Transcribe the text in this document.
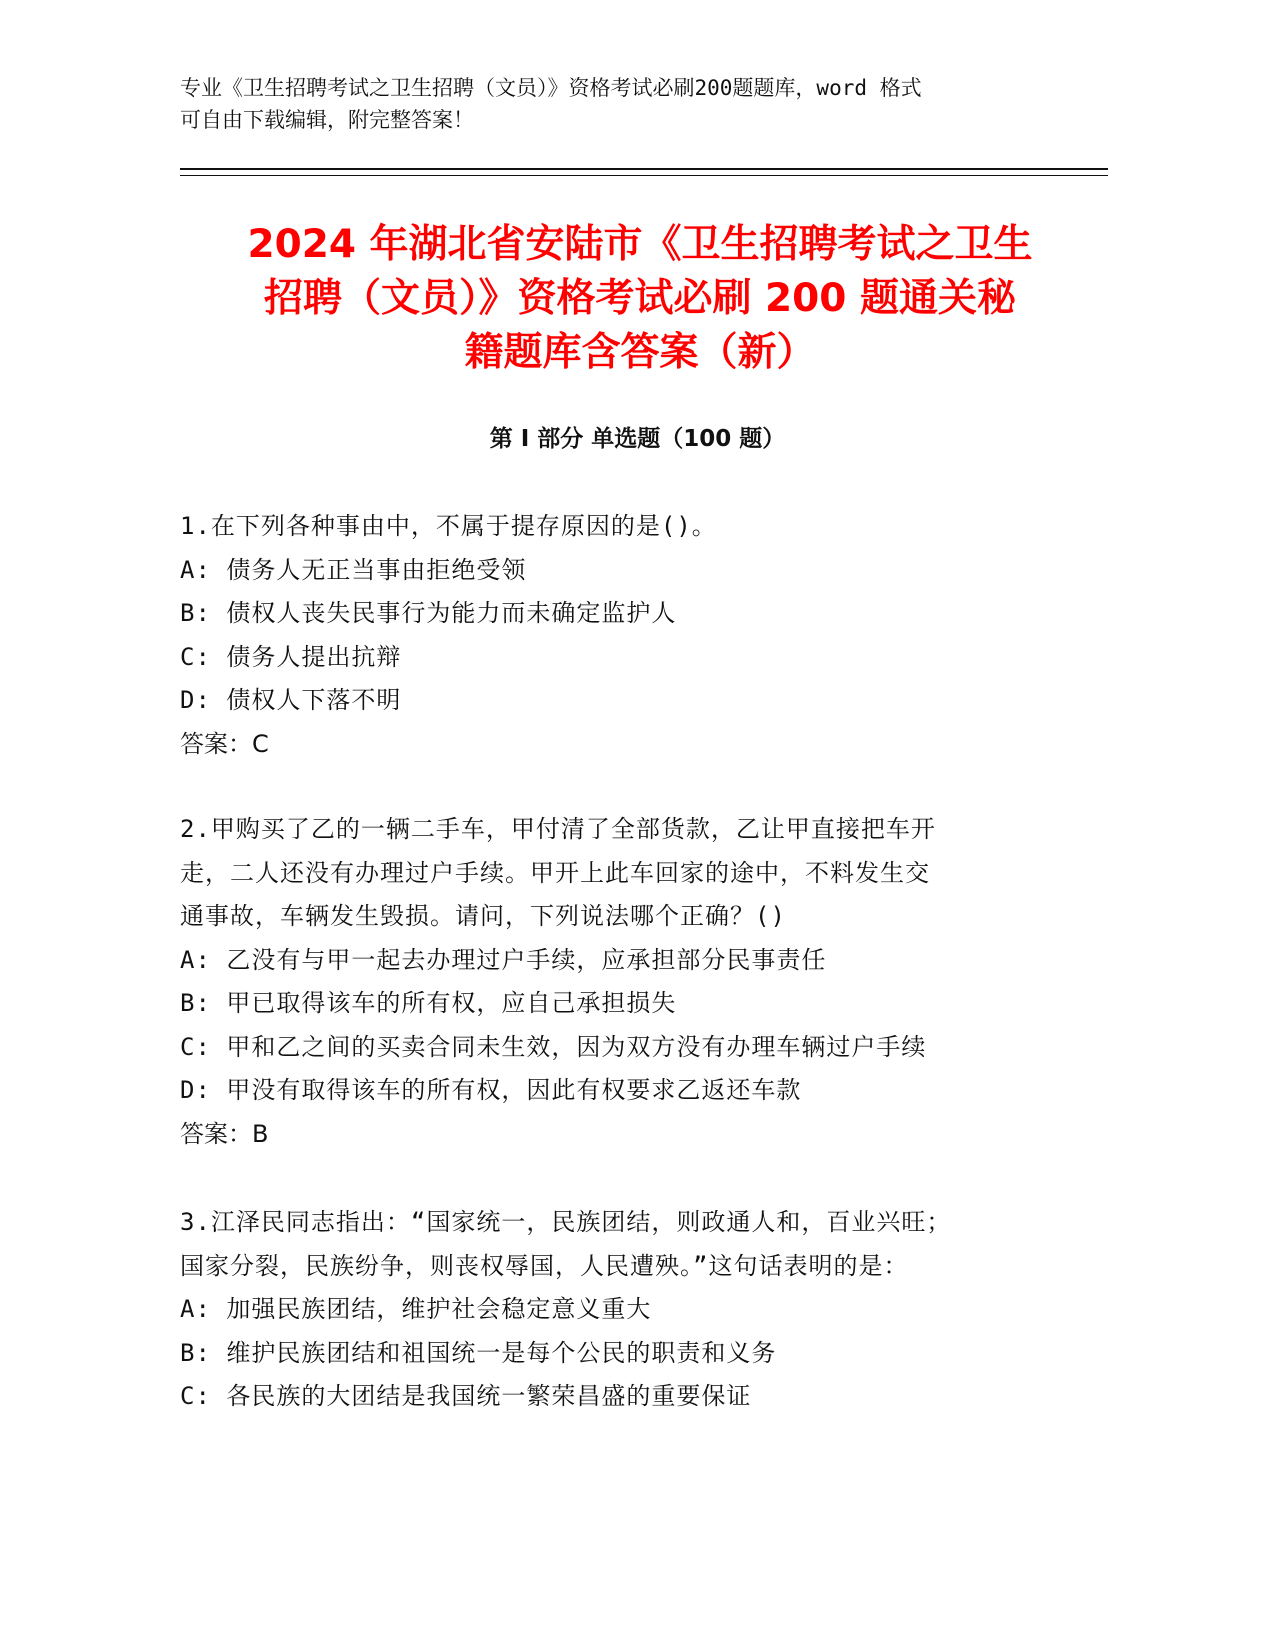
专业《卫生招聘考试之卫生招聘（文员）》资格考试必刷200题题库，word 格式
可自由下载编辑，附完整答案！
2024 年湖北省安陆市《卫生招聘考试之卫生
招聘（文员）》资格考试必刷 200 题通关秘
籍题库含答案（新）
第 I 部分 单选题（100 题）
1.在下列各种事由中，不属于提存原因的是()。
A: 债务人无正当事由拒绝受领
B: 债权人丧失民事行为能力而未确定监护人
C: 债务人提出抗辩
D: 债权人下落不明
答案：C
2.甲购买了乙的一辆二手车，甲付清了全部货款，乙让甲直接把车开
走，二人还没有办理过户手续。甲开上此车回家的途中，不料发生交
通事故，车辆发生毁损。请问，下列说法哪个正确？()
A: 乙没有与甲一起去办理过户手续，应承担部分民事责任
B: 甲已取得该车的所有权，应自己承担损失
C: 甲和乙之间的买卖合同未生效，因为双方没有办理车辆过户手续
D: 甲没有取得该车的所有权，因此有权要求乙返还车款
答案：B
3.江泽民同志指出：“国家统一，民族团结，则政通人和，百业兴旺；
国家分裂，民族纷争，则丧权辱国，人民遭殃。”这句话表明的是：
A: 加强民族团结，维护社会稳定意义重大
B: 维护民族团结和祖国统一是每个公民的职责和义务
C: 各民族的大团结是我国统一繁荣昌盛的重要保证
